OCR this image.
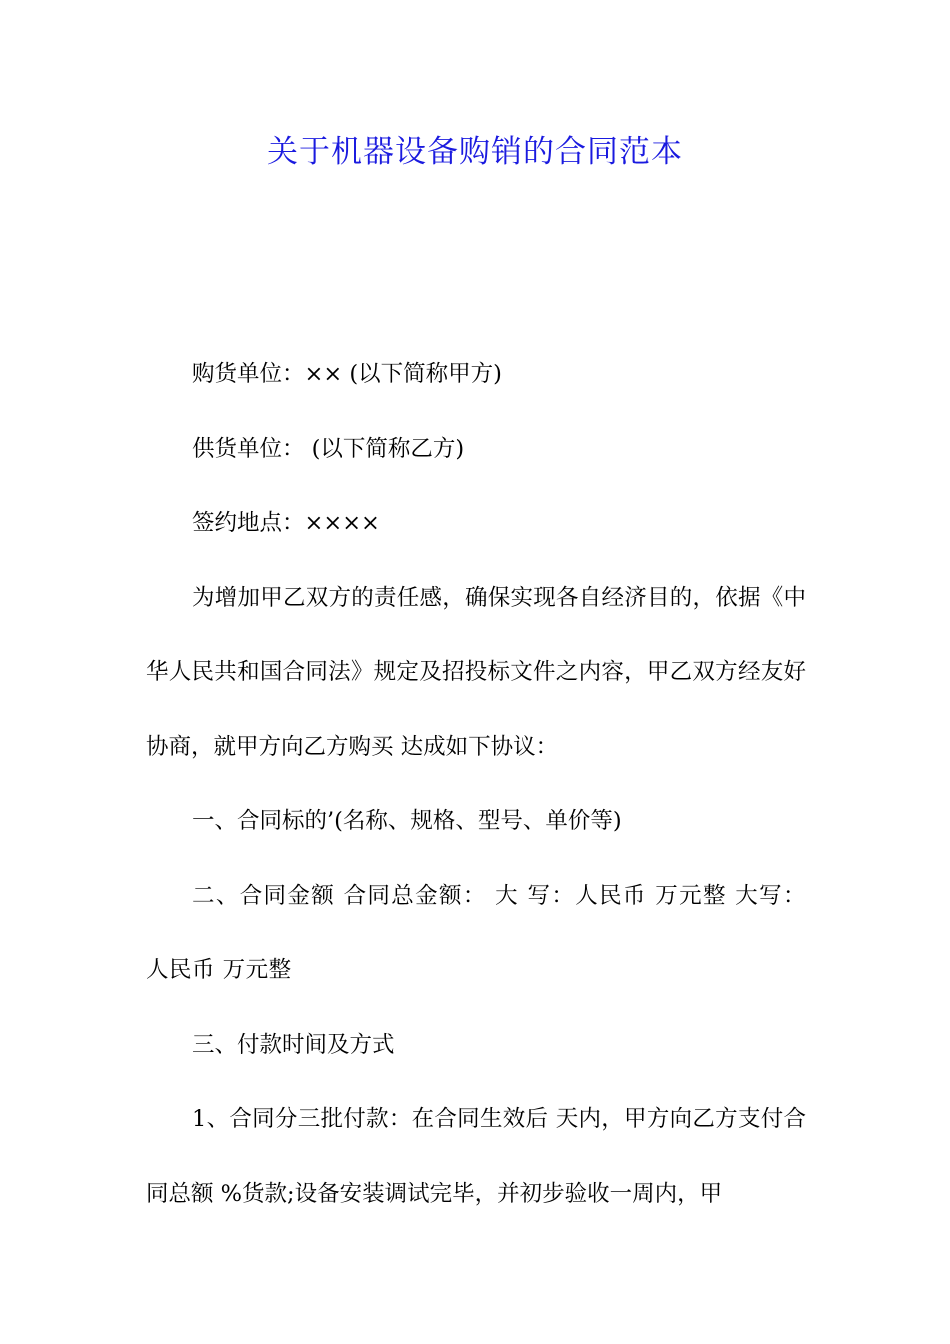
关于机器设备购销的合同范本

购货单位：×× (以下简称甲方)

供货单位： (以下简称乙方)

签约地点：××××

为增加甲乙双方的责任感，确保实现各自经济目的，依据《中华人民共和国合同法》规定及招投标文件之内容，甲乙双方经友好协商，就甲方向乙方购买 达成如下协议：

一、合同标的’(名称、规格、型号、单价等)

二、合同金额 合同总金额： 大 写：人民币 万元整 大写： 人民币 万元整

三、付款时间及方式

1、合同分三批付款：在合同生效后 天内，甲方向乙方支付合同总额 %货款;设备安装调试完毕，并初步验收一周内，甲
